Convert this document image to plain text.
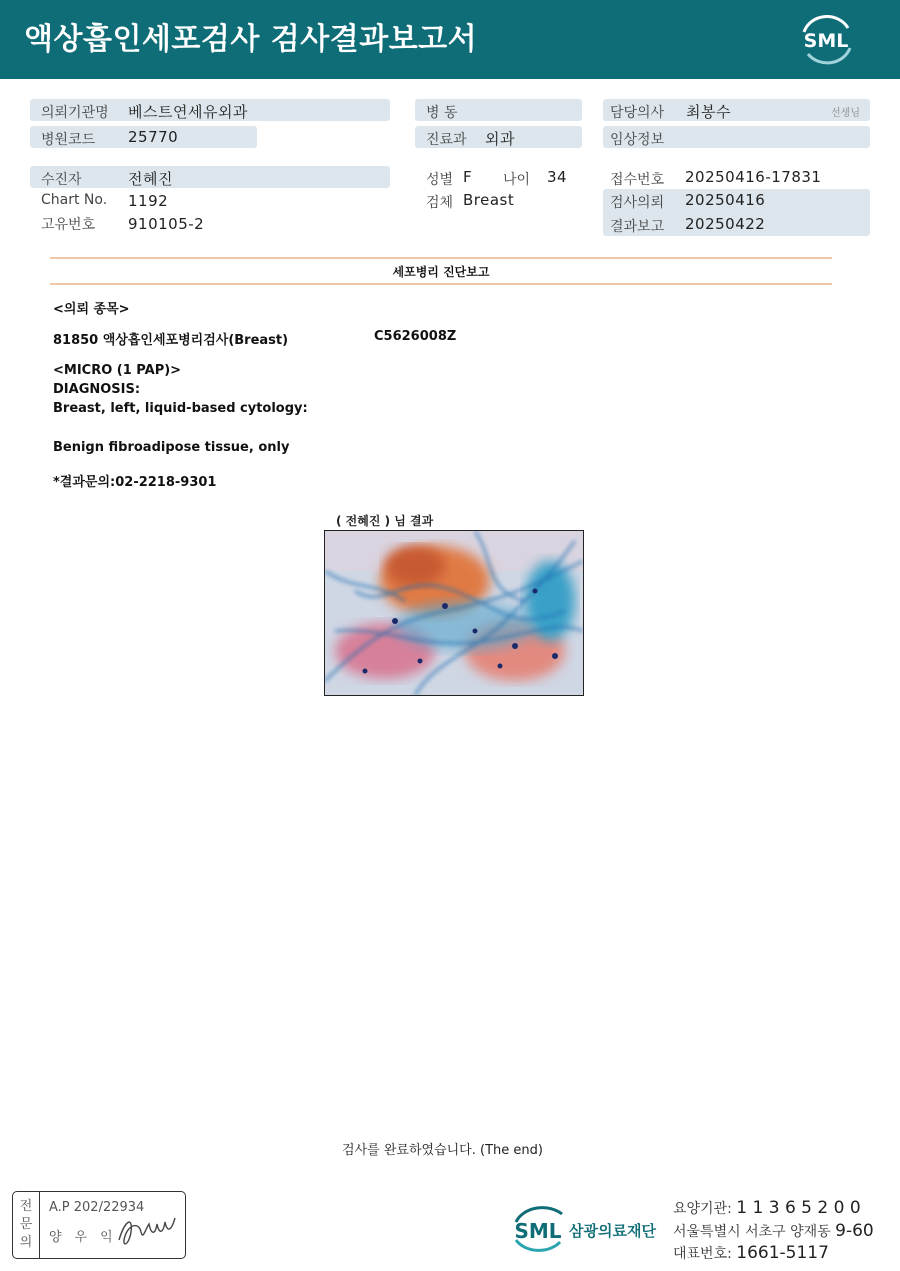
액상흡인세포검사 검사결과보고서	SML
의뢰기관명 베스트연세유외과
병원코드 25770
병 동
진료과 외과
담당의사 최봉수	선생님
임상정보
수진자	전혜진
Chart No. 1192
고유번호 910105-2
성별 F 나이 34
검체 Breast
접수번호 20250416-17831
검사의뢰 20250416
결과보고 20250422
세포병리 진단보고
<의뢰 종목>
81850 액상흡인세포병리검사(Breast)	C5626008Z
<MICRO (1 PAP)>
DIAGNOSIS:
Breast, left, liquid-based cytology:
Benign fibroadipose tissue, only
*결과문의:02-2218-9301
( 전혜진 ) 님 결과
검사를 완료하였습니다. (The end)
전
문
의
A.P 202/22934
양우익	SML 삼광의료재단
요양기관: 1 1 3 6 5 2 0 0
서울특별시 서초구 양재동 9-60
대표번호: 1661-5117
